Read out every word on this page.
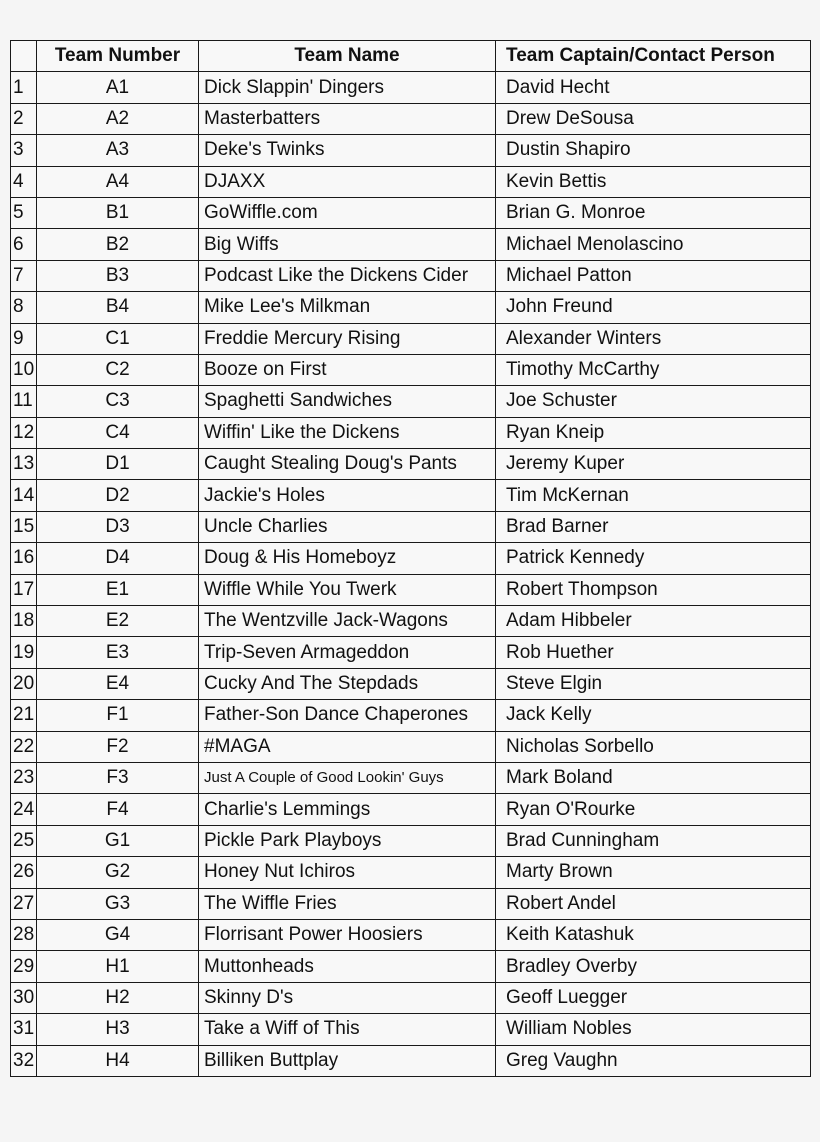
	Team Number	Team Name	Team Captain/Contact Person
1	A1	Dick Slappin' Dingers	David Hecht
2	A2	Masterbatters	Drew DeSousa
3	A3	Deke's Twinks	Dustin Shapiro
4	A4	DJAXX	Kevin Bettis
5	B1	GoWiffle.com	Brian G. Monroe
6	B2	Big Wiffs	Michael Menolascino
7	B3	Podcast Like the Dickens Cider	Michael Patton
8	B4	Mike Lee's Milkman	John Freund
9	C1	Freddie Mercury Rising	Alexander Winters
10	C2	Booze on First	Timothy McCarthy
11	C3	Spaghetti Sandwiches	Joe Schuster
12	C4	Wiffin' Like the Dickens	Ryan Kneip
13	D1	Caught Stealing Doug's Pants	Jeremy Kuper
14	D2	Jackie's Holes	Tim McKernan
15	D3	Uncle Charlies	Brad Barner
16	D4	Doug & His Homeboyz	Patrick Kennedy
17	E1	Wiffle While You Twerk	Robert Thompson
18	E2	The Wentzville Jack-Wagons	Adam Hibbeler
19	E3	Trip-Seven Armageddon	Rob Huether
20	E4	Cucky And The Stepdads	Steve Elgin
21	F1	Father-Son Dance Chaperones	Jack Kelly
22	F2	#MAGA	Nicholas Sorbello
23	F3	Just A Couple of Good Lookin' Guys	Mark Boland
24	F4	Charlie's Lemmings	Ryan O'Rourke
25	G1	Pickle Park Playboys	Brad Cunningham
26	G2	Honey Nut Ichiros	Marty Brown
27	G3	The Wiffle Fries	Robert Andel
28	G4	Florrisant Power Hoosiers	Keith Katashuk
29	H1	Muttonheads	Bradley Overby
30	H2	Skinny D's	Geoff Luegger
31	H3	Take a Wiff of This	William Nobles
32	H4	Billiken Buttplay	Greg Vaughn
